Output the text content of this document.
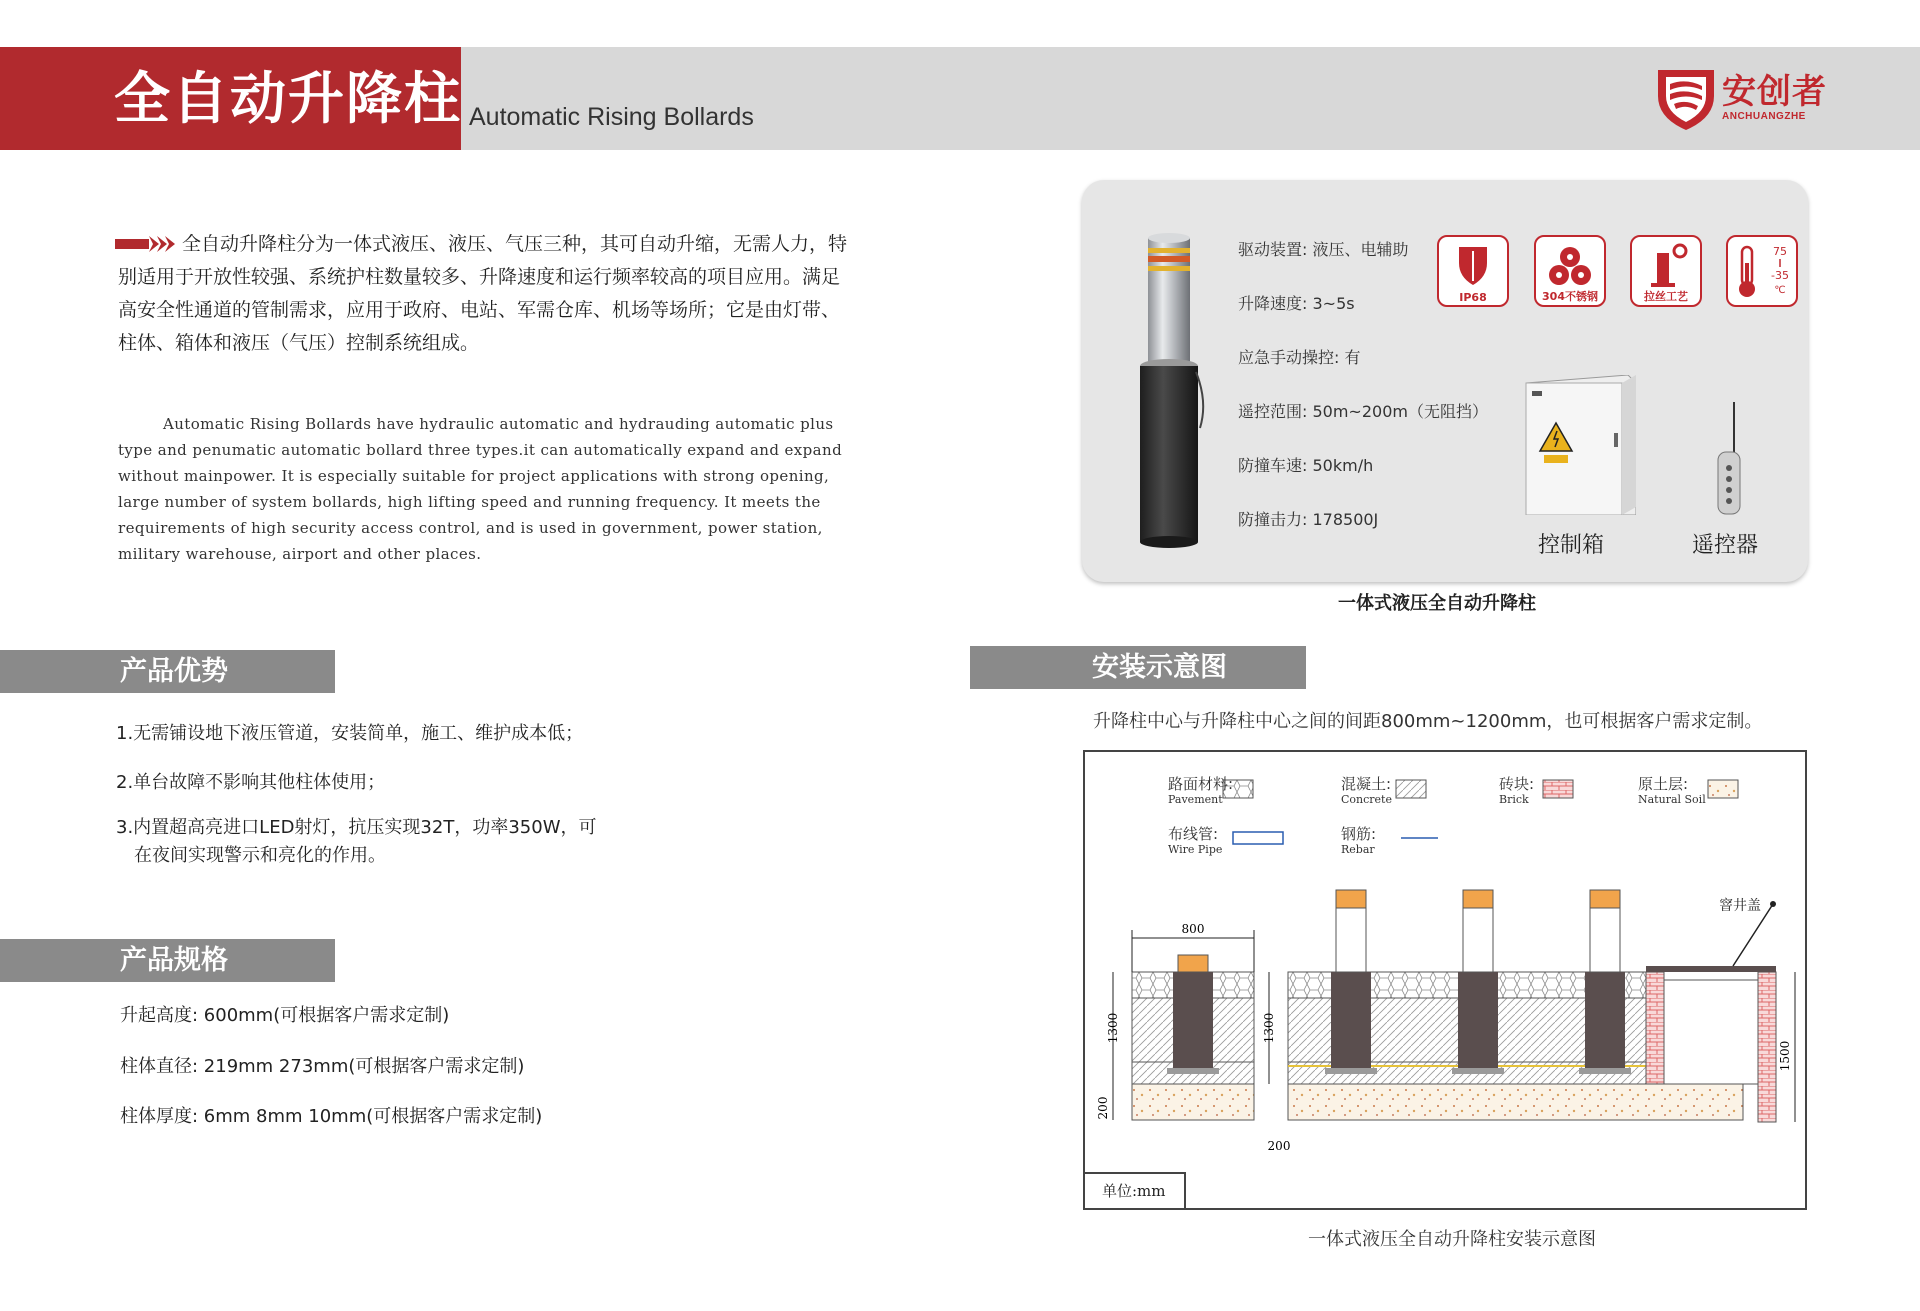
全自动升降柱 Automatic Rising Bollards
安创者
ANCHUANGZHE
全自动升降柱分为一体式液压、液压、气压三种，其可自动升缩，无需人力，特别适用于开放性较强、系统护柱数量较多、升降速度和运行频率较高的项目应用。满足高安全性通道的管制需求，应用于政府、电站、军需仓库、机场等场所；它是由灯带、柱体、箱体和液压（气压）控制系统组成。
Automatic Rising Bollards have hydraulic automatic and hydrauding automatic plus type and penumatic automatic bollard three types.it can automatically expand and expand without mainpower. It is especially suitable for project applications with strong opening, large number of system bollards, high lifting speed and running frequency. It meets the requirements of high security access control, and is used in government, power station, military warehouse, airport and other places.
产品优势
1.无需铺设地下液压管道，安装简单，施工、维护成本低；
2.单台故障不影响其他柱体使用；
3.内置超高亮进口LED射灯，抗压实现32T，功率350W，可
在夜间实现警示和亮化的作用。
产品规格
升起高度: 600mm(可根据客户需求定制)
柱体直径: 219mm 273mm(可根据客户需求定制)
柱体厚度: 6mm 8mm 10mm(可根据客户需求定制)
驱动装置: 液压、电辅助
升降速度: 3~5s
应急手动操控: 有
遥控范围: 50m~200m（无阻挡）
防撞车速: 50km/h
防撞击力: 178500J
IP68	304不锈钢	拉丝工艺
75
-35
℃
控制箱	遥控器
一体式液压全自动升降柱
安装示意图
升降柱中心与升降柱中心之间的间距800mm~1200mm，也可根据客户需求定制。
800
1300
200
1300
200
1500
路面材料:
Pavement
混凝土:
Concrete
砖块:
Brick
原土层:
Natural Soil
布线管:
Wire Pipe
钢筋:
Rebar
窨井盖
单位:mm
一体式液压全自动升降柱安装示意图
